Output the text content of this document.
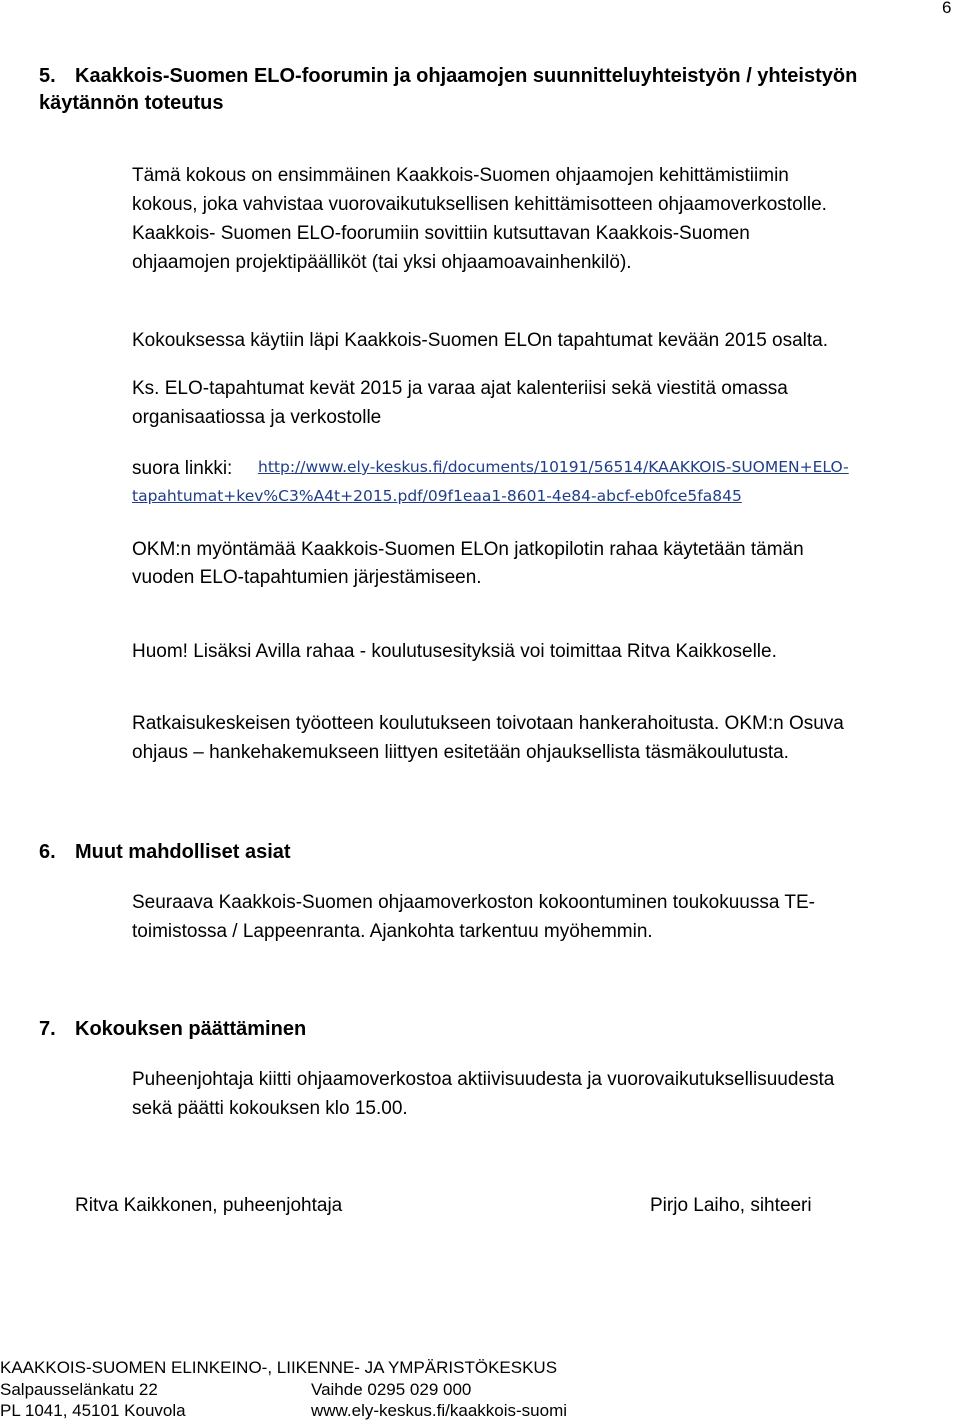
6
5. Kaakkois-Suomen ELO-foorumin ja ohjaamojen suunnitteluyhteistyön / yhteistyön
käytännön toteutus
Tämä kokous on ensimmäinen Kaakkois-Suomen ohjaamojen kehittämistiimin
kokous, joka vahvistaa vuorovaikutuksellisen kehittämisotteen ohjaamoverkostolle.
Kaakkois- Suomen ELO-foorumiin sovittiin kutsuttavan Kaakkois-Suomen
ohjaamojen projektipäälliköt (tai yksi ohjaamoavainhenkilö).
Kokouksessa käytiin läpi Kaakkois-Suomen ELOn tapahtumat kevään 2015 osalta.
Ks. ELO-tapahtumat kevät 2015 ja varaa ajat kalenteriisi sekä viestitä omassa
organisaatiossa ja verkostolle
suora linkki: http://www.ely-keskus.fi/documents/10191/56514/KAAKKOIS-SUOMEN+ELO-
tapahtumat+kev%C3%A4t+2015.pdf/09f1eaa1-8601-4e84-abcf-eb0fce5fa845
OKM:n myöntämää Kaakkois-Suomen ELOn jatkopilotin rahaa käytetään tämän
vuoden ELO-tapahtumien järjestämiseen.
Huom! Lisäksi Avilla rahaa - koulutusesityksiä voi toimittaa Ritva Kaikkoselle.
Ratkaisukeskeisen työotteen koulutukseen toivotaan hankerahoitusta. OKM:n Osuva
ohjaus – hankehakemukseen liittyen esitetään ohjauksellista täsmäkoulutusta.
6. Muut mahdolliset asiat
Seuraava Kaakkois-Suomen ohjaamoverkoston kokoontuminen toukokuussa TE-
toimistossa / Lappeenranta. Ajankohta tarkentuu myöhemmin.
7. Kokouksen päättäminen
Puheenjohtaja kiitti ohjaamoverkostoa aktiivisuudesta ja vuorovaikutuksellisuudesta
sekä päätti kokouksen klo 15.00.
Ritva Kaikkonen, puheenjohtaja	Pirjo Laiho, sihteeri
KAAKKOIS-SUOMEN ELINKEINO-, LIIKENNE- JA YMPÄRISTÖKESKUS
Salpausselänkatu 22	Vaihde 0295 029 000
PL 1041, 45101 Kouvola	www.ely-keskus.fi/kaakkois-suomi
